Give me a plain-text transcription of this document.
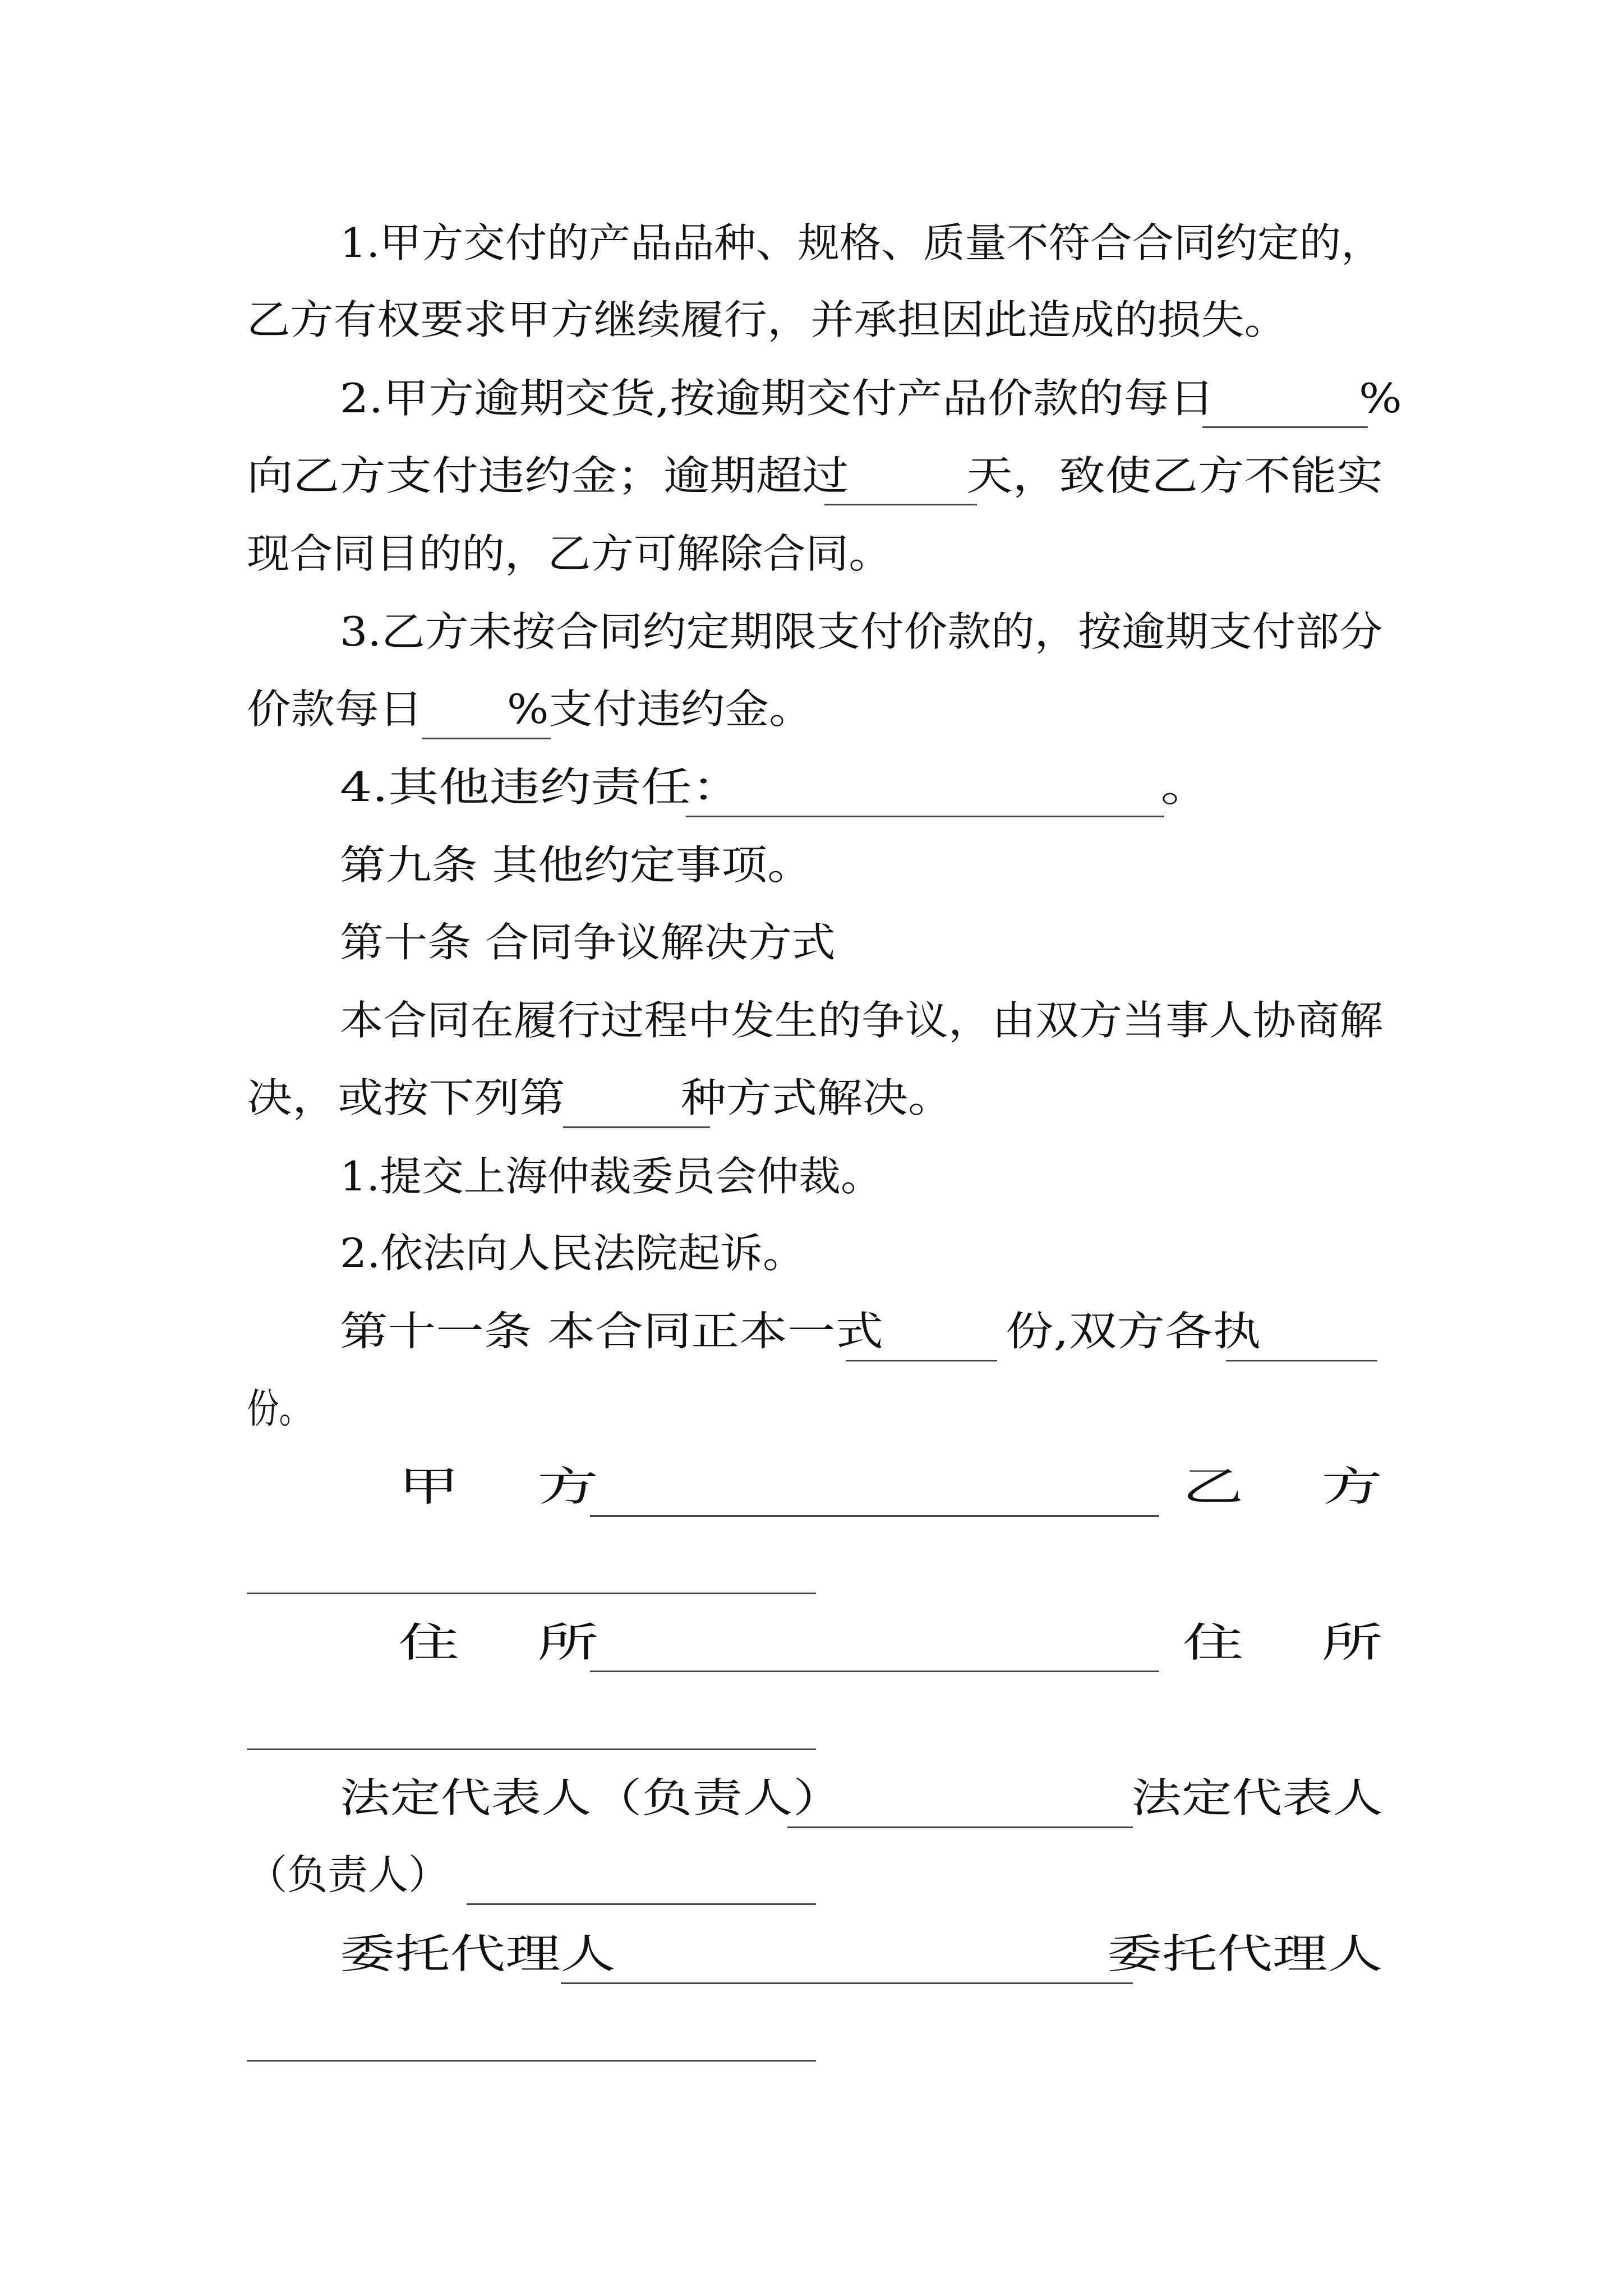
1.甲方交付的产品品种、规格、质量不符合合同约定的，
乙方有权要求甲方继续履行，并承担因此造成的损失。
2.甲方逾期交货,按逾期交付产品价款的每日          %
向乙方支付违约金；逾期超过        天，致使乙方不能实
现合同目的的，乙方可解除合同。
3.乙方未按合同约定期限支付价款的，按逾期支付部分
价款每日      %支付违约金。
4.其他违约责任：                          。
第九条 其他约定事项。
第十条 合同争议解决方式
本合同在履行过程中发生的争议，由双方当事人协商解
决，或按下列第        种方式解决。
1.提交上海仲裁委员会仲裁。
2.依法向人民法院起诉。
第十一条 本合同正本一式        份,双方各执
份。
甲    方                              乙    方
住    所                              住    所
法定代表人（负责人）                  法定代表人
（负责人）
委托代理人                            委托代理人
